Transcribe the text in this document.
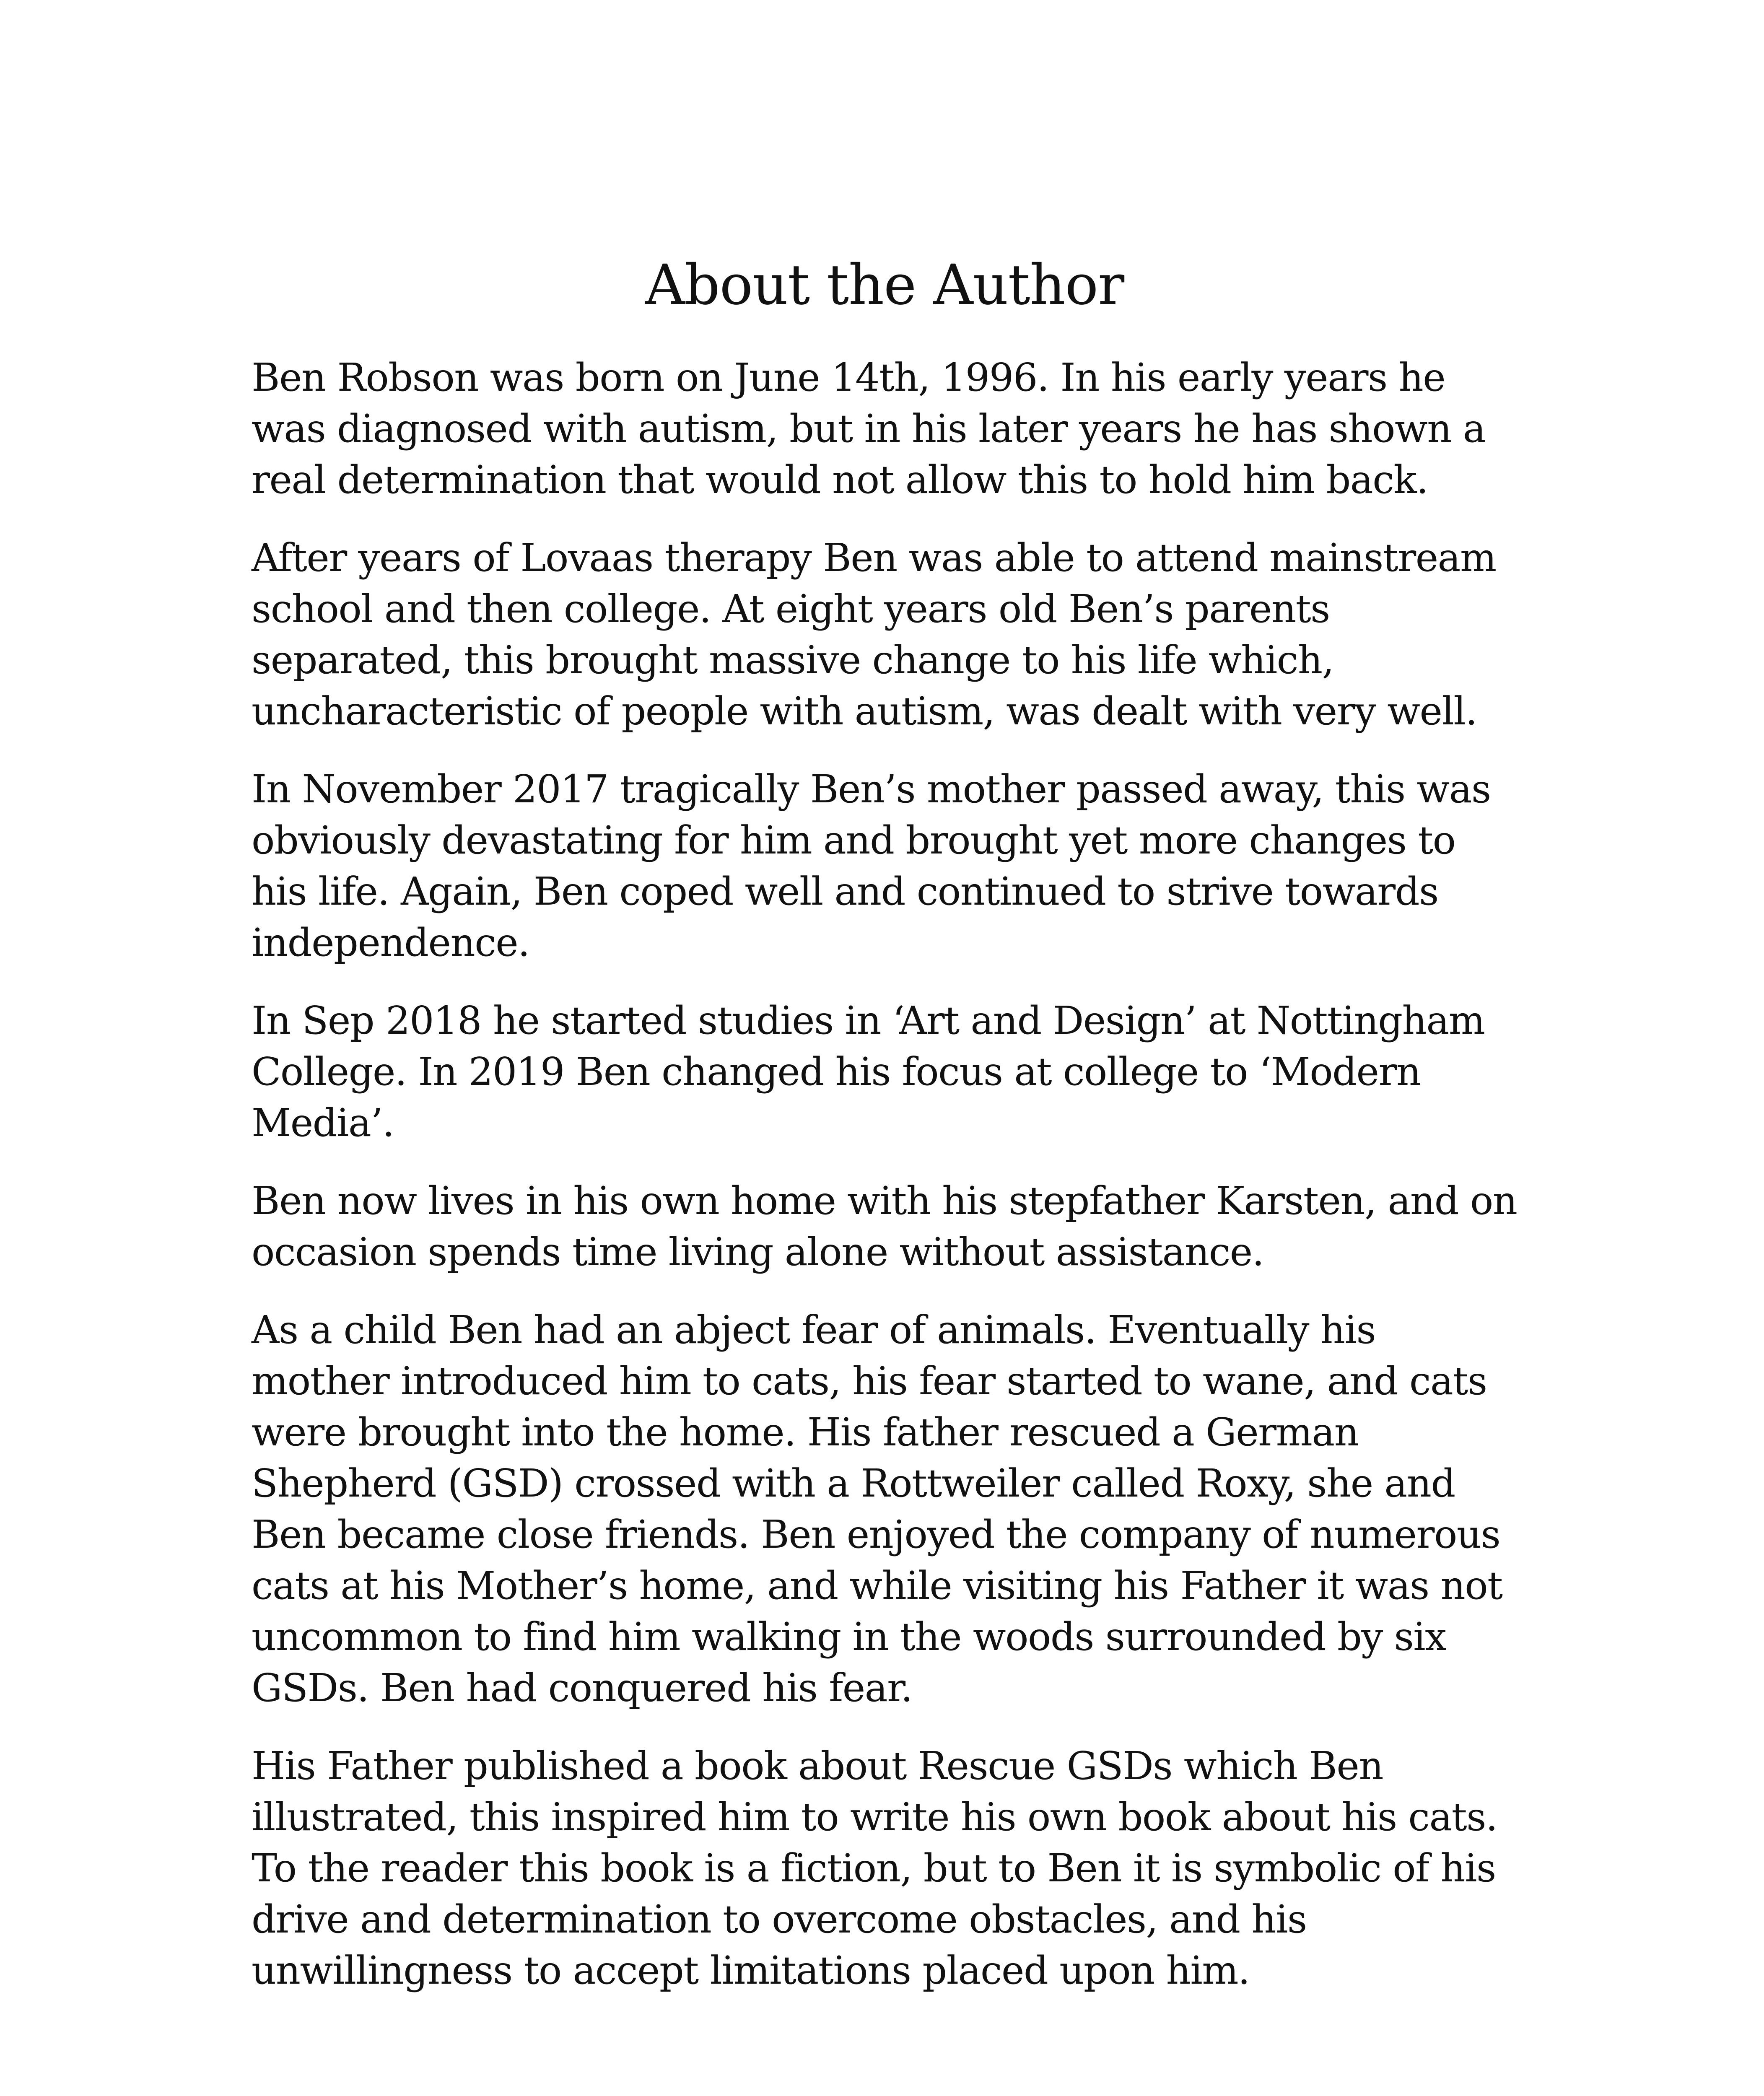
About the Author

Ben Robson was born on June 14th, 1996. In his early years he was diagnosed with autism, but in his later years he has shown a real determination that would not allow this to hold him back.

After years of Lovaas therapy Ben was able to attend mainstream school and then college. At eight years old Ben’s parents separated, this brought massive change to his life which, uncharacteristic of people with autism, was dealt with very well.

In November 2017 tragically Ben’s mother passed away, this was obviously devastating for him and brought yet more changes to his life. Again, Ben coped well and continued to strive towards independence.

In Sep 2018 he started studies in ‘Art and Design’ at Nottingham College. In 2019 Ben changed his focus at college to ‘Modern Media’.

Ben now lives in his own home with his stepfather Karsten, and on occasion spends time living alone without assistance.

As a child Ben had an abject fear of animals. Eventually his mother introduced him to cats, his fear started to wane, and cats were brought into the home. His father rescued a German Shepherd (GSD) crossed with a Rottweiler called Roxy, she and Ben became close friends. Ben enjoyed the company of numerous cats at his Mother’s home, and while visiting his Father it was not uncommon to find him walking in the woods surrounded by six GSDs. Ben had conquered his fear.

His Father published a book about Rescue GSDs which Ben illustrated, this inspired him to write his own book about his cats. To the reader this book is a fiction, but to Ben it is symbolic of his drive and determination to overcome obstacles, and his unwillingness to accept limitations placed upon him.
